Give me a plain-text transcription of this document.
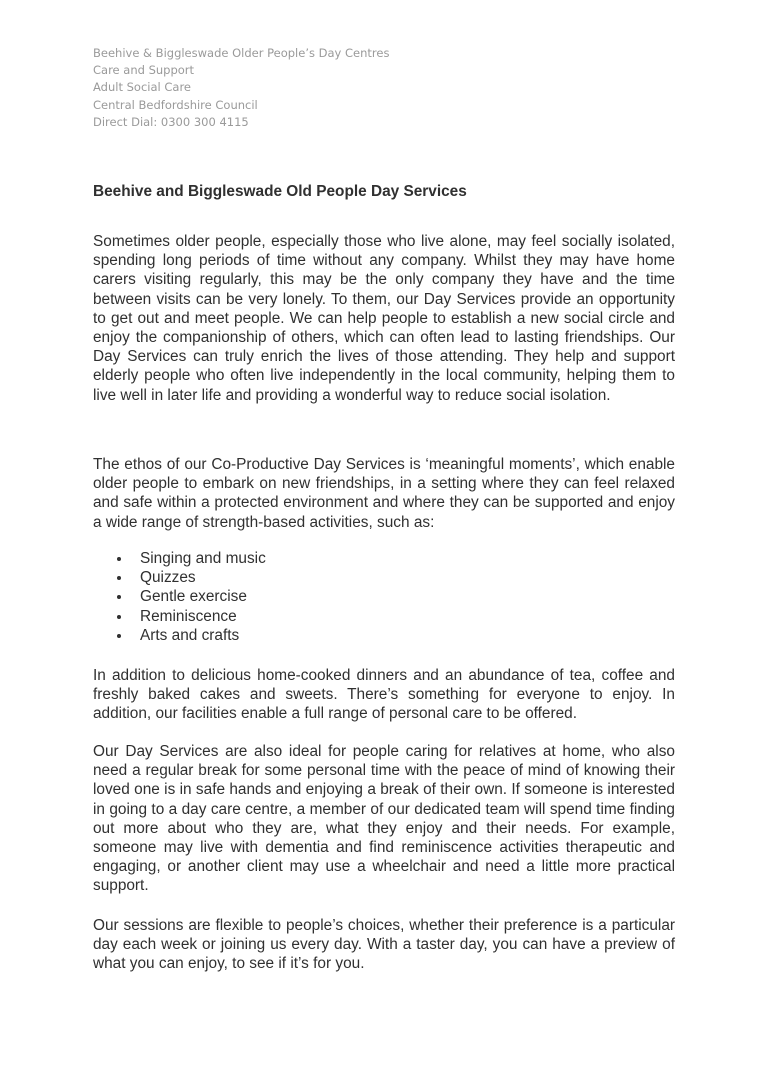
Beehive & Biggleswade Older People’s Day Centres
Care and Support
Adult Social Care
Central Bedfordshire Council
Direct Dial: 0300 300 4115
Beehive and Biggleswade Old People Day Services

Sometimes older people, especially those who live alone, may feel socially isolated, spending long periods of time without any company. Whilst they may have home carers visiting regularly, this may be the only company they have and the time between visits can be very lonely. To them, our Day Services provide an opportunity to get out and meet people. We can help people to establish a new social circle and enjoy the companionship of others, which can often lead to lasting friendships. Our Day Services can truly enrich the lives of those attending. They help and support elderly people who often live independently in the local community, helping them to live well in later life and providing a wonderful way to reduce social isolation.

The ethos of our Co-Productive Day Services is ‘meaningful moments’, which enable older people to embark on new friendships, in a setting where they can feel relaxed and safe within a protected environment and where they can be supported and enjoy a wide range of strength-based activities, such as:

Singing and music
Quizzes
Gentle exercise
Reminiscence
Arts and crafts

In addition to delicious home-cooked dinners and an abundance of tea, coffee and freshly baked cakes and sweets. There’s something for everyone to enjoy. In addition, our facilities enable a full range of personal care to be offered.

Our Day Services are also ideal for people caring for relatives at home, who also need a regular break for some personal time with the peace of mind of knowing their loved one is in safe hands and enjoying a break of their own. If someone is interested in going to a day care centre, a member of our dedicated team will spend time finding out more about who they are, what they enjoy and their needs. For example, someone may live with dementia and find reminiscence activities therapeutic and engaging, or another client may use a wheelchair and need a little more practical support.

Our sessions are flexible to people’s choices, whether their preference is a particular day each week or joining us every day. With a taster day, you can have a preview of what you can enjoy, to see if it’s for you.
